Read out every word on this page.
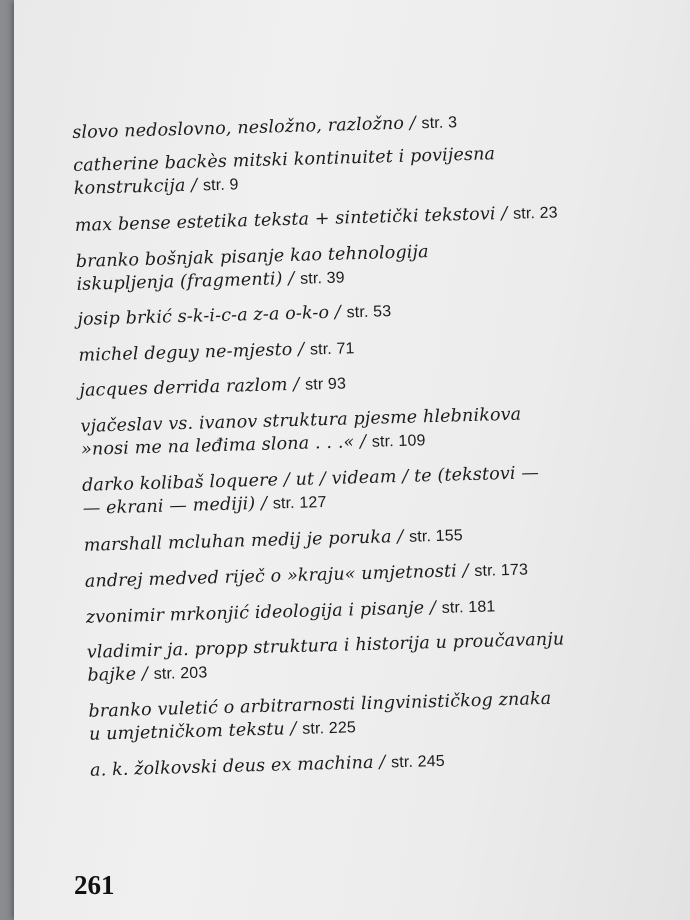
slovo nedoslovno, nesložno, razložno / str. 3
catherine backès mitski kontinuitet i povijesna
konstrukcija / str. 9
max bense estetika teksta + sintetički tekstovi / str. 23
branko bošnjak pisanje kao tehnologija
iskupljenja (fragmenti) / str. 39
josip brkić s-k-i-c-a z-a o-k-o / str. 53
michel deguy ne-mjesto / str. 71
jacques derrida razlom / str 93
vjačeslav vs. ivanov struktura pjesme hlebnikova
»nosi me na leđima slona . . .« / str. 109
darko kolibaš loquere / ut / videam / te (tekstovi —
— ekrani — mediji) / str. 127
marshall mcluhan medij je poruka / str. 155
andrej medved riječ o »kraju« umjetnosti / str. 173
zvonimir mrkonjić ideologija i pisanje / str. 181
vladimir ja. propp struktura i historija u proučavanju
bajke / str. 203
branko vuletić o arbitrarnosti lingvinističkog znaka
u umjetničkom tekstu / str. 225
a. k. žolkovski deus ex machina / str. 245
261
